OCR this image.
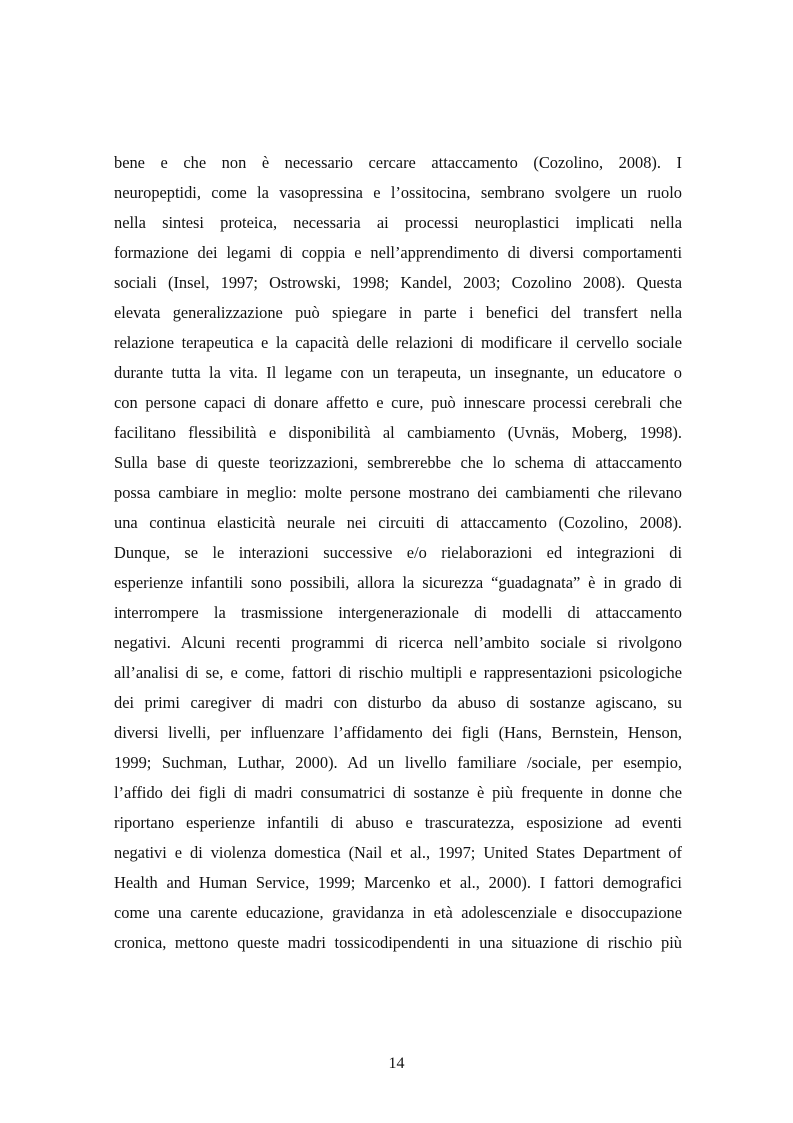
bene e che non è necessario cercare attaccamento (Cozolino, 2008). I
neuropeptidi, come la vasopressina e l’ossitocina, sembrano svolgere un ruolo
nella sintesi proteica, necessaria ai processi neuroplastici implicati nella
formazione dei legami di coppia e nell’apprendimento di diversi comportamenti
sociali (Insel, 1997; Ostrowski, 1998; Kandel, 2003; Cozolino 2008). Questa
elevata generalizzazione può spiegare in parte i benefici del transfert nella
relazione terapeutica e la capacità delle relazioni di modificare il cervello sociale
durante tutta la vita. Il legame con un terapeuta, un insegnante, un educatore o
con persone capaci di donare affetto e cure, può innescare processi cerebrali che
facilitano flessibilità e disponibilità al cambiamento (Uvnäs, Moberg, 1998).
Sulla base di queste teorizzazioni, sembrerebbe che lo schema di attaccamento
possa cambiare in meglio: molte persone mostrano dei cambiamenti che rilevano
una continua elasticità neurale nei circuiti di attaccamento (Cozolino, 2008).
Dunque, se le interazioni successive e/o rielaborazioni ed integrazioni di
esperienze infantili sono possibili, allora la sicurezza “guadagnata” è in grado di
interrompere la trasmissione intergenerazionale di modelli di attaccamento
negativi. Alcuni recenti programmi di ricerca nell’ambito sociale si rivolgono
all’analisi di se, e come, fattori di rischio multipli e rappresentazioni psicologiche
dei primi caregiver di madri con disturbo da abuso di sostanze agiscano, su
diversi livelli, per influenzare l’affidamento dei figli (Hans, Bernstein, Henson,
1999; Suchman, Luthar, 2000). Ad un livello familiare /sociale, per esempio,
l’affido dei figli di madri consumatrici di sostanze è più frequente in donne che
riportano esperienze infantili di abuso e trascuratezza, esposizione ad eventi
negativi e di violenza domestica (Nail et al., 1997; United States Department of
Health and Human Service, 1999; Marcenko et al., 2000). I fattori demografici
come una carente educazione, gravidanza in età adolescenziale e disoccupazione
cronica, mettono queste madri tossicodipendenti in una situazione di rischio più
14
